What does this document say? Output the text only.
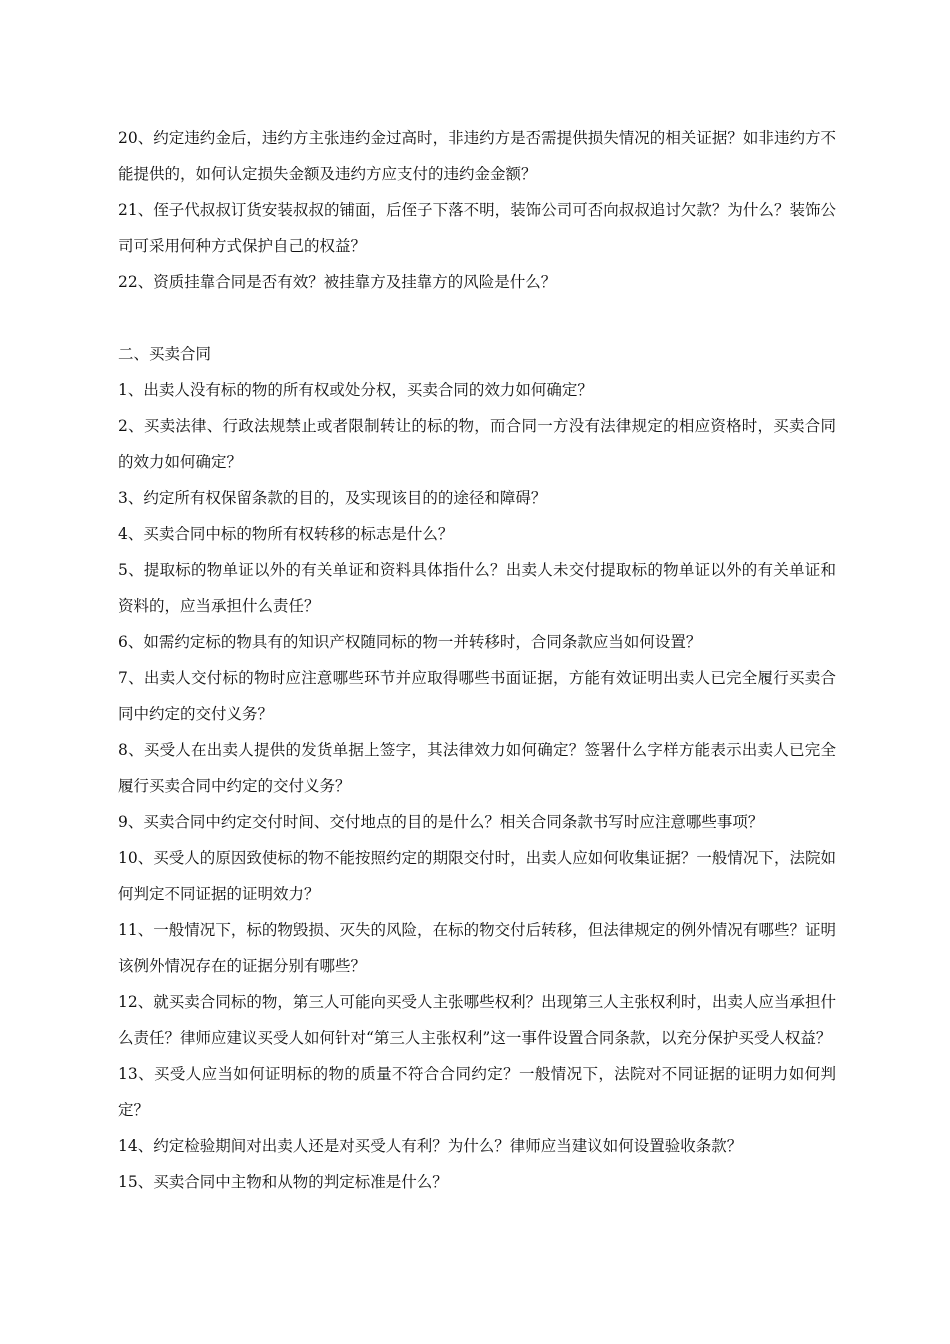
20、约定违约金后，违约方主张违约金过高时，非违约方是否需提供损失情况的相关证据？如非违约方不能提供的，如何认定损失金额及违约方应支付的违约金金额？

21、侄子代叔叔订货安装叔叔的铺面，后侄子下落不明，装饰公司可否向叔叔追讨欠款？为什么？装饰公司可采用何种方式保护自己的权益？

22、资质挂靠合同是否有效？被挂靠方及挂靠方的风险是什么？

二、买卖合同

1、出卖人没有标的物的所有权或处分权，买卖合同的效力如何确定？

2、买卖法律、行政法规禁止或者限制转让的标的物，而合同一方没有法律规定的相应资格时，买卖合同的效力如何确定？

3、约定所有权保留条款的目的，及实现该目的的途径和障碍？

4、买卖合同中标的物所有权转移的标志是什么？

5、提取标的物单证以外的有关单证和资料具体指什么？出卖人未交付提取标的物单证以外的有关单证和资料的，应当承担什么责任？

6、如需约定标的物具有的知识产权随同标的物一并转移时，合同条款应当如何设置？

7、出卖人交付标的物时应注意哪些环节并应取得哪些书面证据，方能有效证明出卖人已完全履行买卖合同中约定的交付义务？

8、买受人在出卖人提供的发货单据上签字，其法律效力如何确定？签署什么字样方能表示出卖人已完全履行买卖合同中约定的交付义务？

9、买卖合同中约定交付时间、交付地点的目的是什么？相关合同条款书写时应注意哪些事项？

10、买受人的原因致使标的物不能按照约定的期限交付时，出卖人应如何收集证据？一般情况下，法院如何判定不同证据的证明效力？

11、一般情况下，标的物毁损、灭失的风险，在标的物交付后转移，但法律规定的例外情况有哪些？证明该例外情况存在的证据分别有哪些？

12、就买卖合同标的物，第三人可能向买受人主张哪些权利？出现第三人主张权利时，出卖人应当承担什么责任？律师应建议买受人如何针对“第三人主张权利”这一事件设置合同条款，以充分保护买受人权益？

13、买受人应当如何证明标的物的质量不符合合同约定？一般情况下，法院对不同证据的证明力如何判定？

14、约定检验期间对出卖人还是对买受人有利？为什么？律师应当建议如何设置验收条款？

15、买卖合同中主物和从物的判定标准是什么？
